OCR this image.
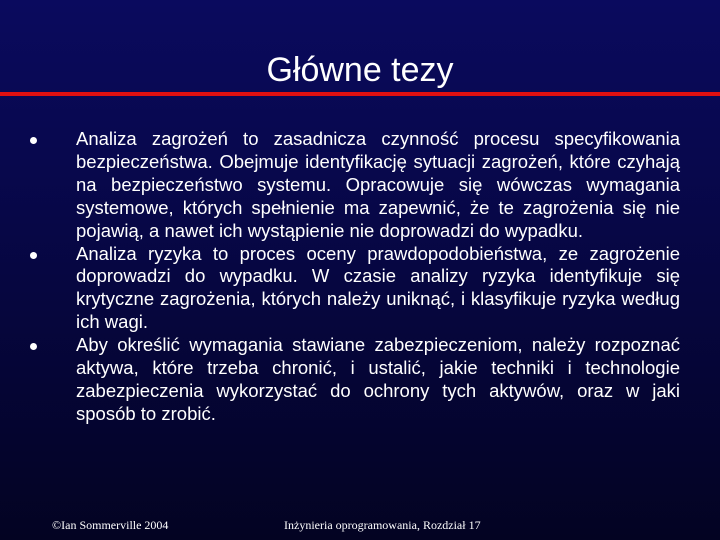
Główne tezy
Analiza zagrożeń to zasadnicza czynność procesu specyfikowania bezpieczeństwa. Obejmuje identyfikację sytuacji zagrożeń, które czyhają na bezpieczeństwo systemu. Opracowuje się wówczas wymagania systemowe, których spełnienie ma zapewnić, że te zagrożenia się nie pojawią, a nawet ich wystąpienie nie doprowadzi do wypadku.
Analiza ryzyka to proces oceny prawdopodobieństwa, ze zagrożenie doprowadzi do wypadku. W czasie analizy ryzyka identyfikuje się krytyczne zagrożenia, których należy uniknąć, i klasyfikuje ryzyka według ich wagi.
Aby określić wymagania stawiane zabezpieczeniom, należy rozpoznać aktywa, które trzeba chronić, i ustalić, jakie techniki i technologie zabezpieczenia wykorzystać do ochrony tych aktywów, oraz w jaki sposób to zrobić.
©Ian Sommerville 2004	Inżynieria oprogramowania, Rozdział 17
